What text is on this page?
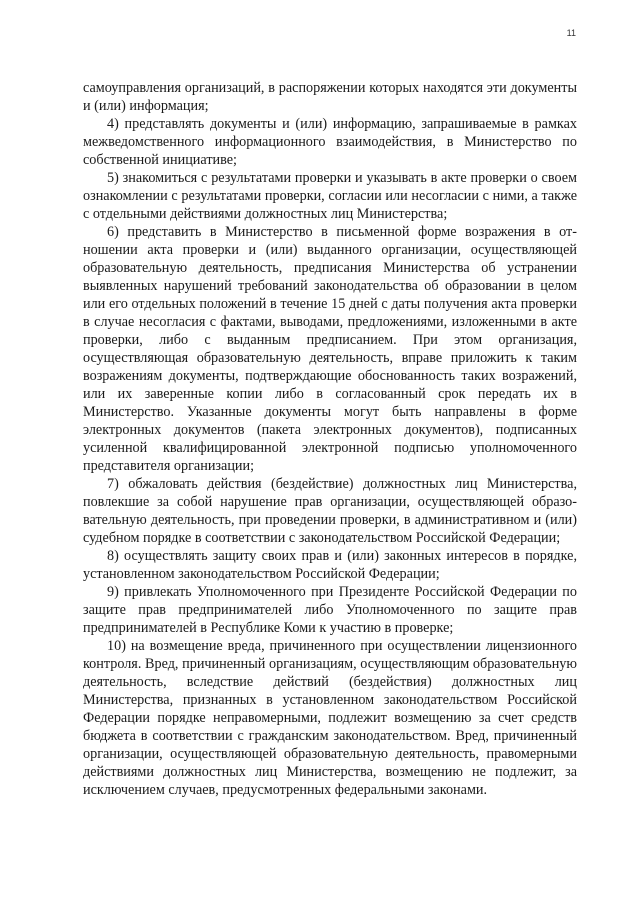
11

самоуправления организаций, в распоряжении которых находятся эти документы и (или) информация;

4) представлять документы и (или) информацию, запрашиваемые в рамках межведомственного информационного взаимодействия, в Министерство по собственной инициативе;

5) знакомиться с результатами проверки и указывать в акте проверки о своем ознакомлении с результатами проверки, согласии или несогласии с ними, а также с отдельными действиями должностных лиц Министерства;

6) представить в Министерство в письменной форме возражения в отношении акта проверки и (или) выданного организации, осуществляющей образовательную деятельность, предписания Министерства об устранении выявленных нарушений требований законодательства об образовании в целом или его отдельных положений в течение 15 дней с даты получения акта проверки в случае несогласия с фактами, выводами, предложениями, изложенными в акте проверки, либо с выданным предписанием. При этом организация, осуществляющая образовательную деятельность, вправе приложить к таким возражениям документы, подтверждающие обоснованность таких возражений, или их заверенные копии либо в согласованный срок передать их в Министерство. Указанные документы могут быть направлены в форме электронных документов (пакета электронных документов), подписанных усиленной квалифицированной электронной подписью уполномоченного представителя организации;

7) обжаловать действия (бездействие) должностных лиц Министерства, повлекшие за собой нарушение прав организации, осуществляющей образовательную деятельность, при проведении проверки, в административном и (или) судебном порядке в соответствии с законодательством Российской Федерации;

8) осуществлять защиту своих прав и (или) законных интересов в порядке, установленном законодательством Российской Федерации;

9) привлекать Уполномоченного при Президенте Российской Федерации по защите прав предпринимателей либо Уполномоченного по защите прав предпринимателей в Республике Коми к участию в проверке;

10) на возмещение вреда, причиненного при осуществлении лицензионного контроля. Вред, причиненный организациям, осуществляющим образовательную деятельность, вследствие действий (бездействия) должностных лиц Министерства, признанных в установленном законодательством Российской Федерации порядке неправомерными, подлежит возмещению за счет средств бюджета в соответствии с гражданским законодательством. Вред, причиненный организации, осуществляющей образовательную деятельность, правомерными действиями должностных лиц Министерства, возмещению не подлежит, за исключением случаев, предусмотренных федеральными законами.
